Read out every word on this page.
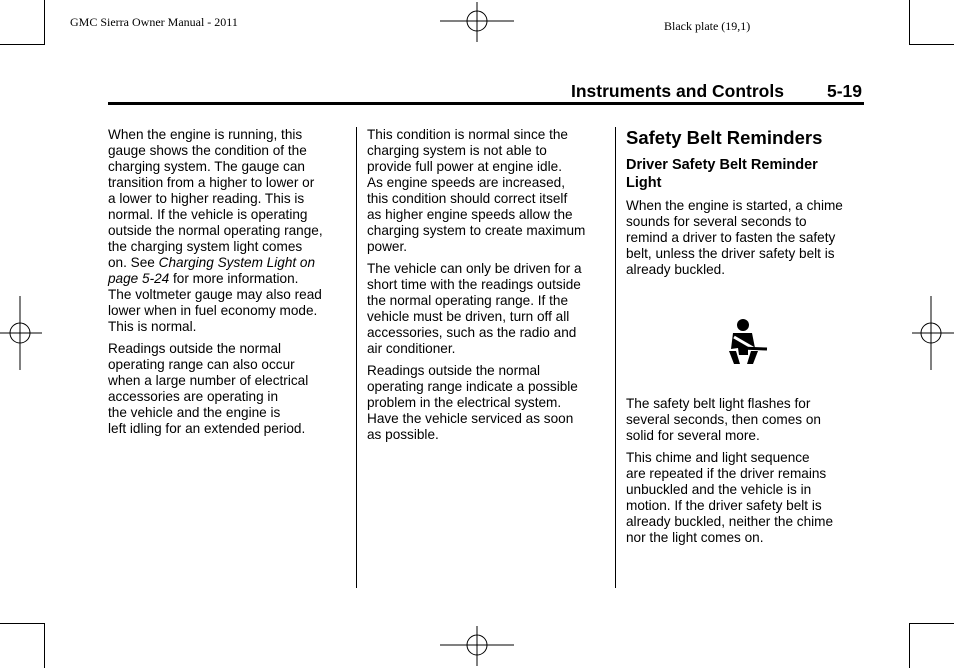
GMC Sierra Owner Manual - 2011	Black plate (19,1)
Instruments and Controls 5-19

When the engine is running, this
gauge shows the condition of the
charging system. The gauge can
transition from a higher to lower or
a lower to higher reading. This is
normal. If the vehicle is operating
outside the normal operating range,
the charging system light comes
on. See Charging System Light on
page 5-24 for more information.
The voltmeter gauge may also read
lower when in fuel economy mode.
This is normal.

Readings outside the normal
operating range can also occur
when a large number of electrical
accessories are operating in
the vehicle and the engine is
left idling for an extended period.

This condition is normal since the
charging system is not able to
provide full power at engine idle.
As engine speeds are increased,
this condition should correct itself
as higher engine speeds allow the
charging system to create maximum
power.

The vehicle can only be driven for a
short time with the readings outside
the normal operating range. If the
vehicle must be driven, turn off all
accessories, such as the radio and
air conditioner.

Readings outside the normal
operating range indicate a possible
problem in the electrical system.
Have the vehicle serviced as soon
as possible.

Safety Belt Reminders
Driver Safety Belt Reminder
Light

When the engine is started, a chime
sounds for several seconds to
remind a driver to fasten the safety
belt, unless the driver safety belt is
already buckled.

The safety belt light flashes for
several seconds, then comes on
solid for several more.

This chime and light sequence
are repeated if the driver remains
unbuckled and the vehicle is in
motion. If the driver safety belt is
already buckled, neither the chime
nor the light comes on.
